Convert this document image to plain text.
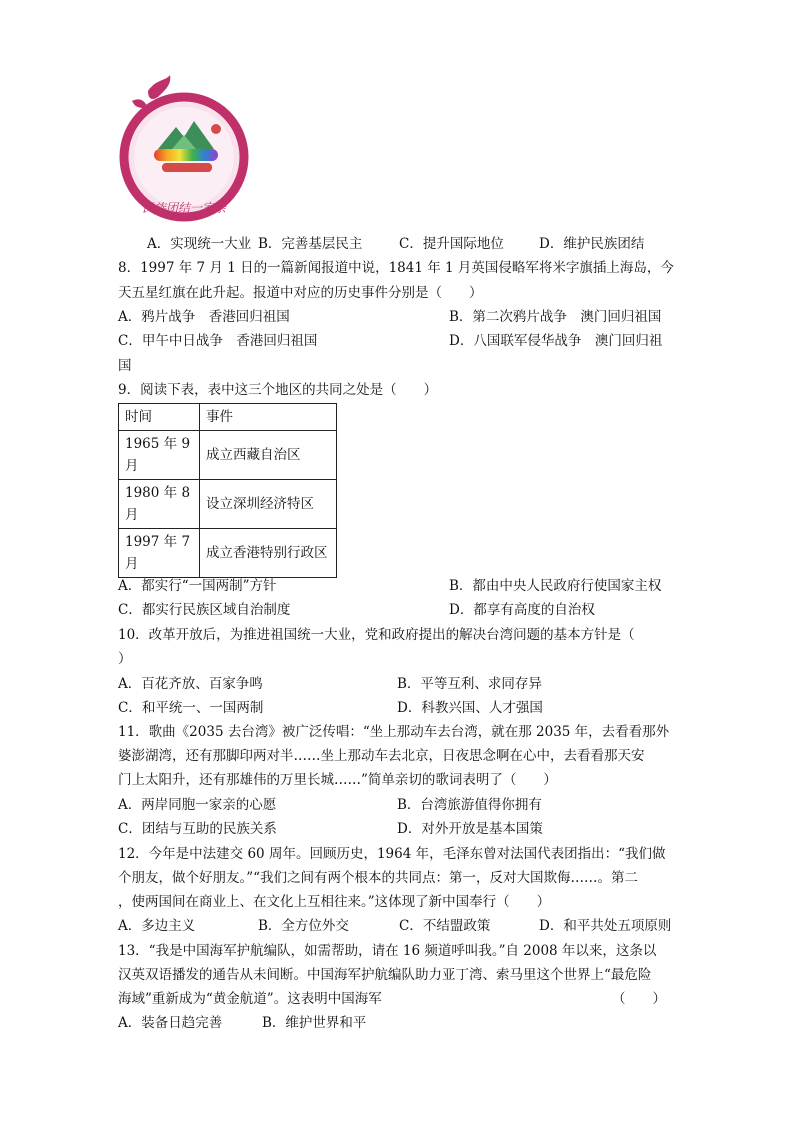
民族团结一家亲
A．实现统一大业 B．完善基层民主	C．提升国际地位	D．维护民族团结
8．1997 年 7 月 1 日的一篇新闻报道中说，1841 年 1 月英国侵略军将米字旗插上海岛，今
天五星红旗在此升起。报道中对应的历史事件分别是（　　）
A．鸦片战争　香港回归祖国	B．第二次鸦片战争　澳门回归祖国
C．甲午中日战争　香港回归祖国	D．八国联军侵华战争　澳门回归祖
国
9．阅读下表，表中这三个地区的共同之处是（　　）
时间	事件
1965 年 9 月	成立西藏自治区
1980 年 8 月	设立深圳经济特区
1997 年 7 月	成立香港特别行政区
A．都实行“一国两制”方针	B．都由中央人民政府行使国家主权
C．都实行民族区域自治制度	D．都享有高度的自治权
10．改革开放后，为推进祖国统一大业，党和政府提出的解决台湾问题的基本方针是（
）
A．百花齐放、百家争鸣	B．平等互利、求同存异
C．和平统一、一国两制	D．科教兴国、人才强国
11．歌曲《2035 去台湾》被广泛传唱：“坐上那动车去台湾，就在那 2035 年，去看看那外
婆澎湖湾，还有那脚印两对半……坐上那动车去北京，日夜思念啊在心中，去看看那天安
门上太阳升，还有那雄伟的万里长城……”简单亲切的歌词表明了（　　）
A．两岸同胞一家亲的心愿	B．台湾旅游值得你拥有
C．团结与互助的民族关系	D．对外开放是基本国策
12．今年是中法建交 60 周年。回顾历史，1964 年，毛泽东曾对法国代表团指出：“我们做
个朋友，做个好朋友。”“我们之间有两个根本的共同点：第一，反对大国欺侮……。第二
，使两国间在商业上、在文化上互相往来。”这体现了新中国奉行（　　）
A．多边主义	B．全方位外交	C．不结盟政策	D．和平共处五项原则
13．“我是中国海军护航编队，如需帮助，请在 16 频道呼叫我。”自 2008 年以来，这条以
汉英双语播发的通告从未间断。中国海军护航编队助力亚丁湾、索马里这个世界上“最危险
海域”重新成为“黄金航道”。这表明中国海军	（　　）
A．装备日趋完善	B．维护世界和平
